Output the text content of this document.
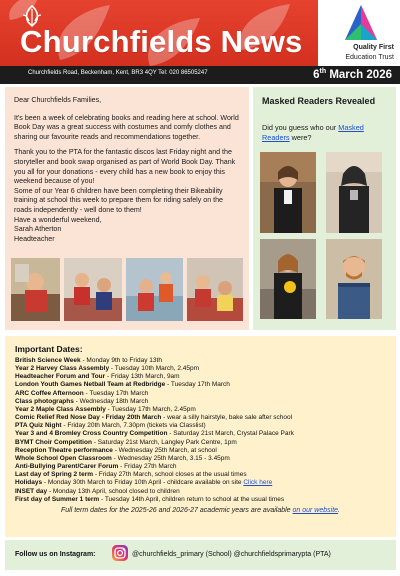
Churchfields News	Quality First
Education Trust
Churchfields Road, Beckenham, Kent, BR3 4QY Tel: 020 86505247	6th March 2026

Dear Churchfields Families,

It's been a week of celebrating books and reading here at school. World Book Day was a great success with costumes and comfy clothes and sharing our favourite reads and recommendations together.

Thank you to the PTA for the fantastic discos last Friday night and the storyteller and book swap organised as part of World Book Day. Thank you all for your donations - every child has a new book to enjoy this weekend because of you!

Some of our Year 6 children have been completing their Bikeability training at school this week to prepare them for riding safely on the roads independently - well done to them!

Have a wonderful weekend,

Sarah Atherton

Headteacher

Masked Readers Revealed
Did you guess who our Masked Readers were?
Important Dates:
British Science Week - Monday 9th to Friday 13th
Year 2 Harvey Class Assembly - Tuesday 10th March, 2.45pm
Headteacher Forum and Tour - Friday 13th March, 9am
London Youth Games Netball Team at Redbridge - Tuesday 17th March
ARC Coffee Afternoon - Tuesday 17th March
Class photographs - Wednesday 18th March
Year 2 Maple Class Assembly - Tuesday 17th March, 2.45pm
Comic Relief Red Nose Day - Friday 20th March - wear a silly hairstyle, bake sale after school
PTA Quiz Night - Friday 20th March, 7.30pm (tickets via Classlist)
Year 3 and 4 Bromley Cross Country Competition - Saturday 21st March, Crystal Palace Park
BYMT Choir Competition - Saturday 21st March, Langley Park Centre, 1pm
Reception Theatre performance - Wednesday 25th March, at school
Whole School Open Classroom - Wednesday 25th March, 3.15 - 3.45pm
Anti-Bullying Parent/Carer Forum - Friday 27th March
Last day of Spring 2 term - Friday 27th March, school closes at the usual times
Holidays - Monday 30th March to Friday 10th April - childcare available on site Click here
INSET day - Monday 13th April, school closed to children
First day of Summer 1 term - Tuesday 14th April, children return to school at the usual times
Full term dates for the 2025-26 and 2026-27 academic years are available on our website.
Follow us on Instagram:	@churchfields_primary (School) @churchfieldsprimarypta (PTA)
